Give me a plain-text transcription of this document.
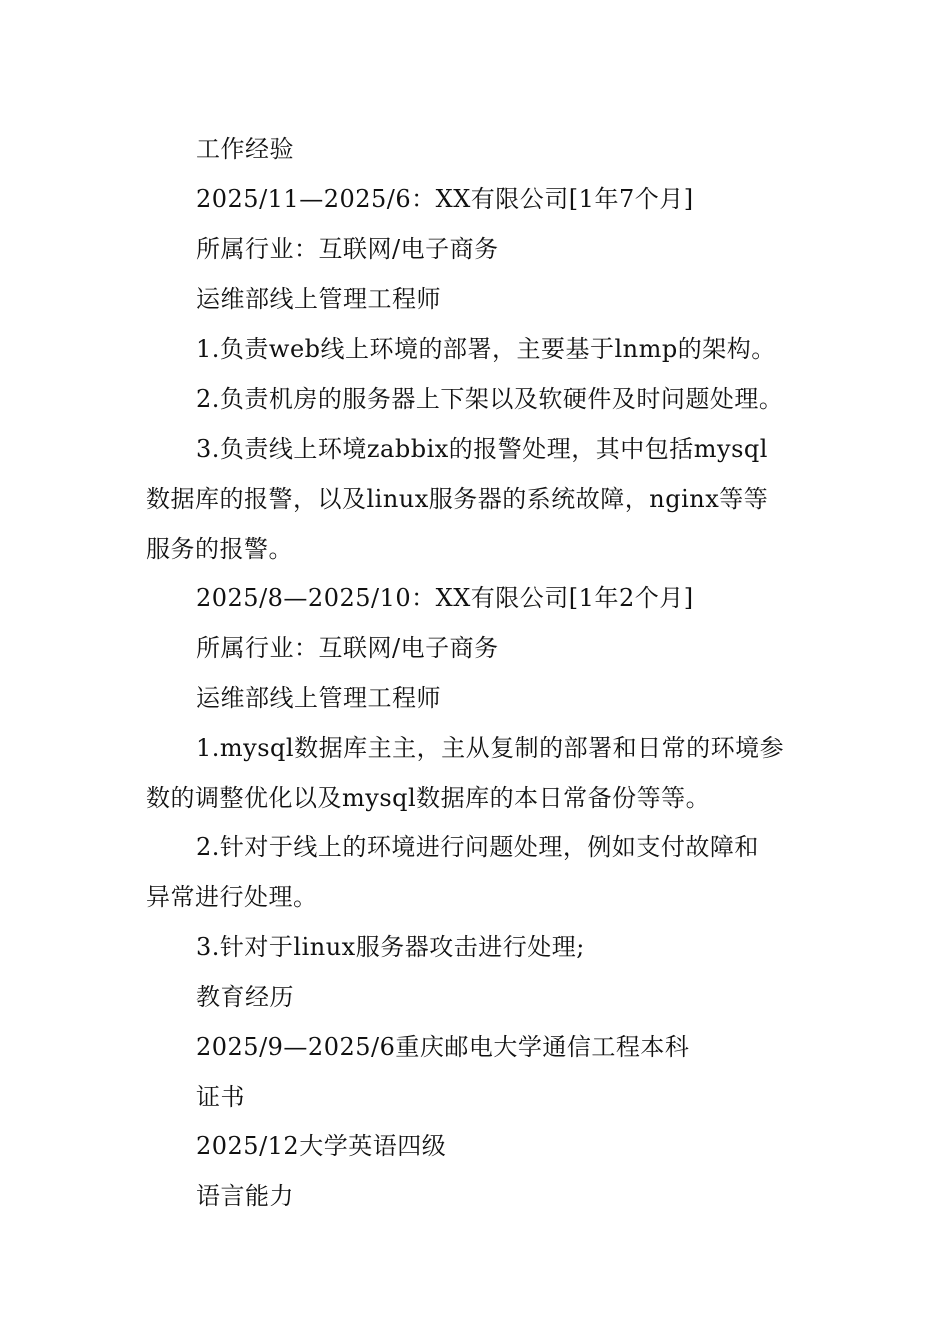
工作经验
2025/11—2025/6：XX有限公司[1年7个月]
所属行业：互联网/电子商务
运维部线上管理工程师
1.负责web线上环境的部署，主要基于lnmp的架构。
2.负责机房的服务器上下架以及软硬件及时问题处理。
3.负责线上环境zabbix的报警处理，其中包括mysql
数据库的报警，以及linux服务器的系统故障，nginx等等
服务的报警。
2025/8—2025/10：XX有限公司[1年2个月]
所属行业：互联网/电子商务
运维部线上管理工程师
1.mysql数据库主主，主从复制的部署和日常的环境参
数的调整优化以及mysql数据库的本日常备份等等。
2.针对于线上的环境进行问题处理，例如支付故障和
异常进行处理。
3.针对于linux服务器攻击进行处理;
教育经历
2025/9—2025/6重庆邮电大学通信工程本科
证书
2025/12大学英语四级
语言能力
